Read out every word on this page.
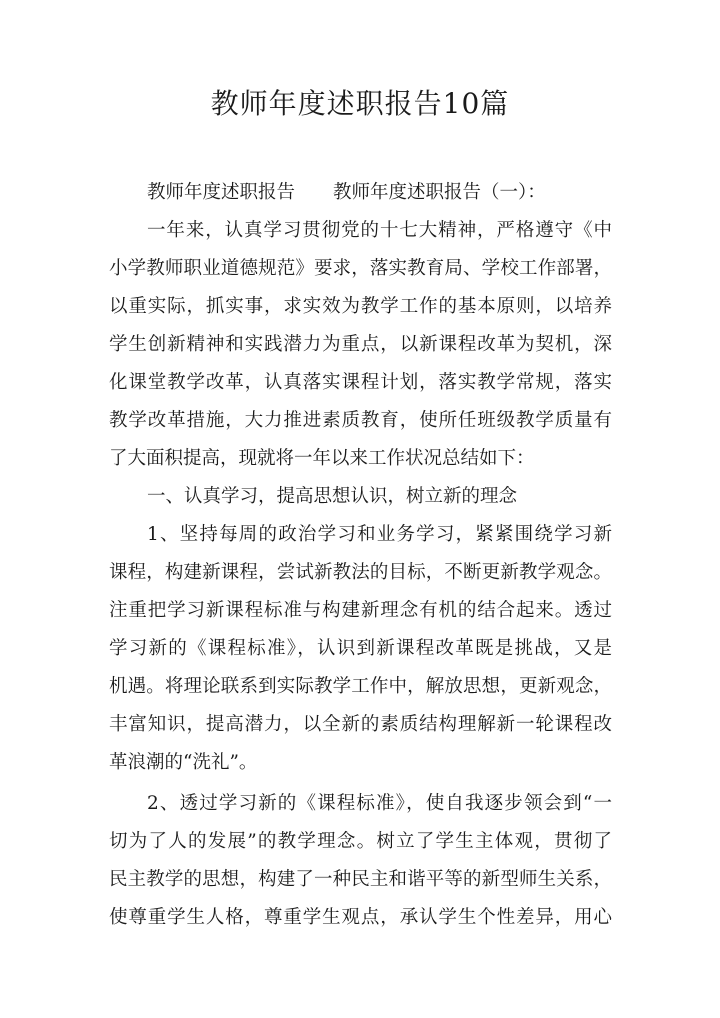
教师年度述职报告10篇
教师年度述职报告 教师年度述职报告（一）：
一年来，认真学习贯彻党的十七大精神，严格遵守《中
小学教师职业道德规范》要求，落实教育局、学校工作部署，
以重实际，抓实事，求实效为教学工作的基本原则，以培养
学生创新精神和实践潜力为重点，以新课程改革为契机，深
化课堂教学改革，认真落实课程计划，落实教学常规，落实
教学改革措施，大力推进素质教育，使所任班级教学质量有
了大面积提高，现就将一年以来工作状况总结如下：
一、认真学习，提高思想认识，树立新的理念
1、坚持每周的政治学习和业务学习，紧紧围绕学习新
课程，构建新课程，尝试新教法的目标，不断更新教学观念。
注重把学习新课程标准与构建新理念有机的结合起来。透过
学习新的《课程标准》，认识到新课程改革既是挑战，又是
机遇。将理论联系到实际教学工作中，解放思想，更新观念，
丰富知识，提高潜力，以全新的素质结构理解新一轮课程改
革浪潮的“洗礼”。
2、透过学习新的《课程标准》，使自我逐步领会到“一
切为了人的发展”的教学理念。树立了学生主体观，贯彻了
民主教学的思想，构建了一种民主和谐平等的新型师生关系，
使尊重学生人格，尊重学生观点，承认学生个性差异，用心
